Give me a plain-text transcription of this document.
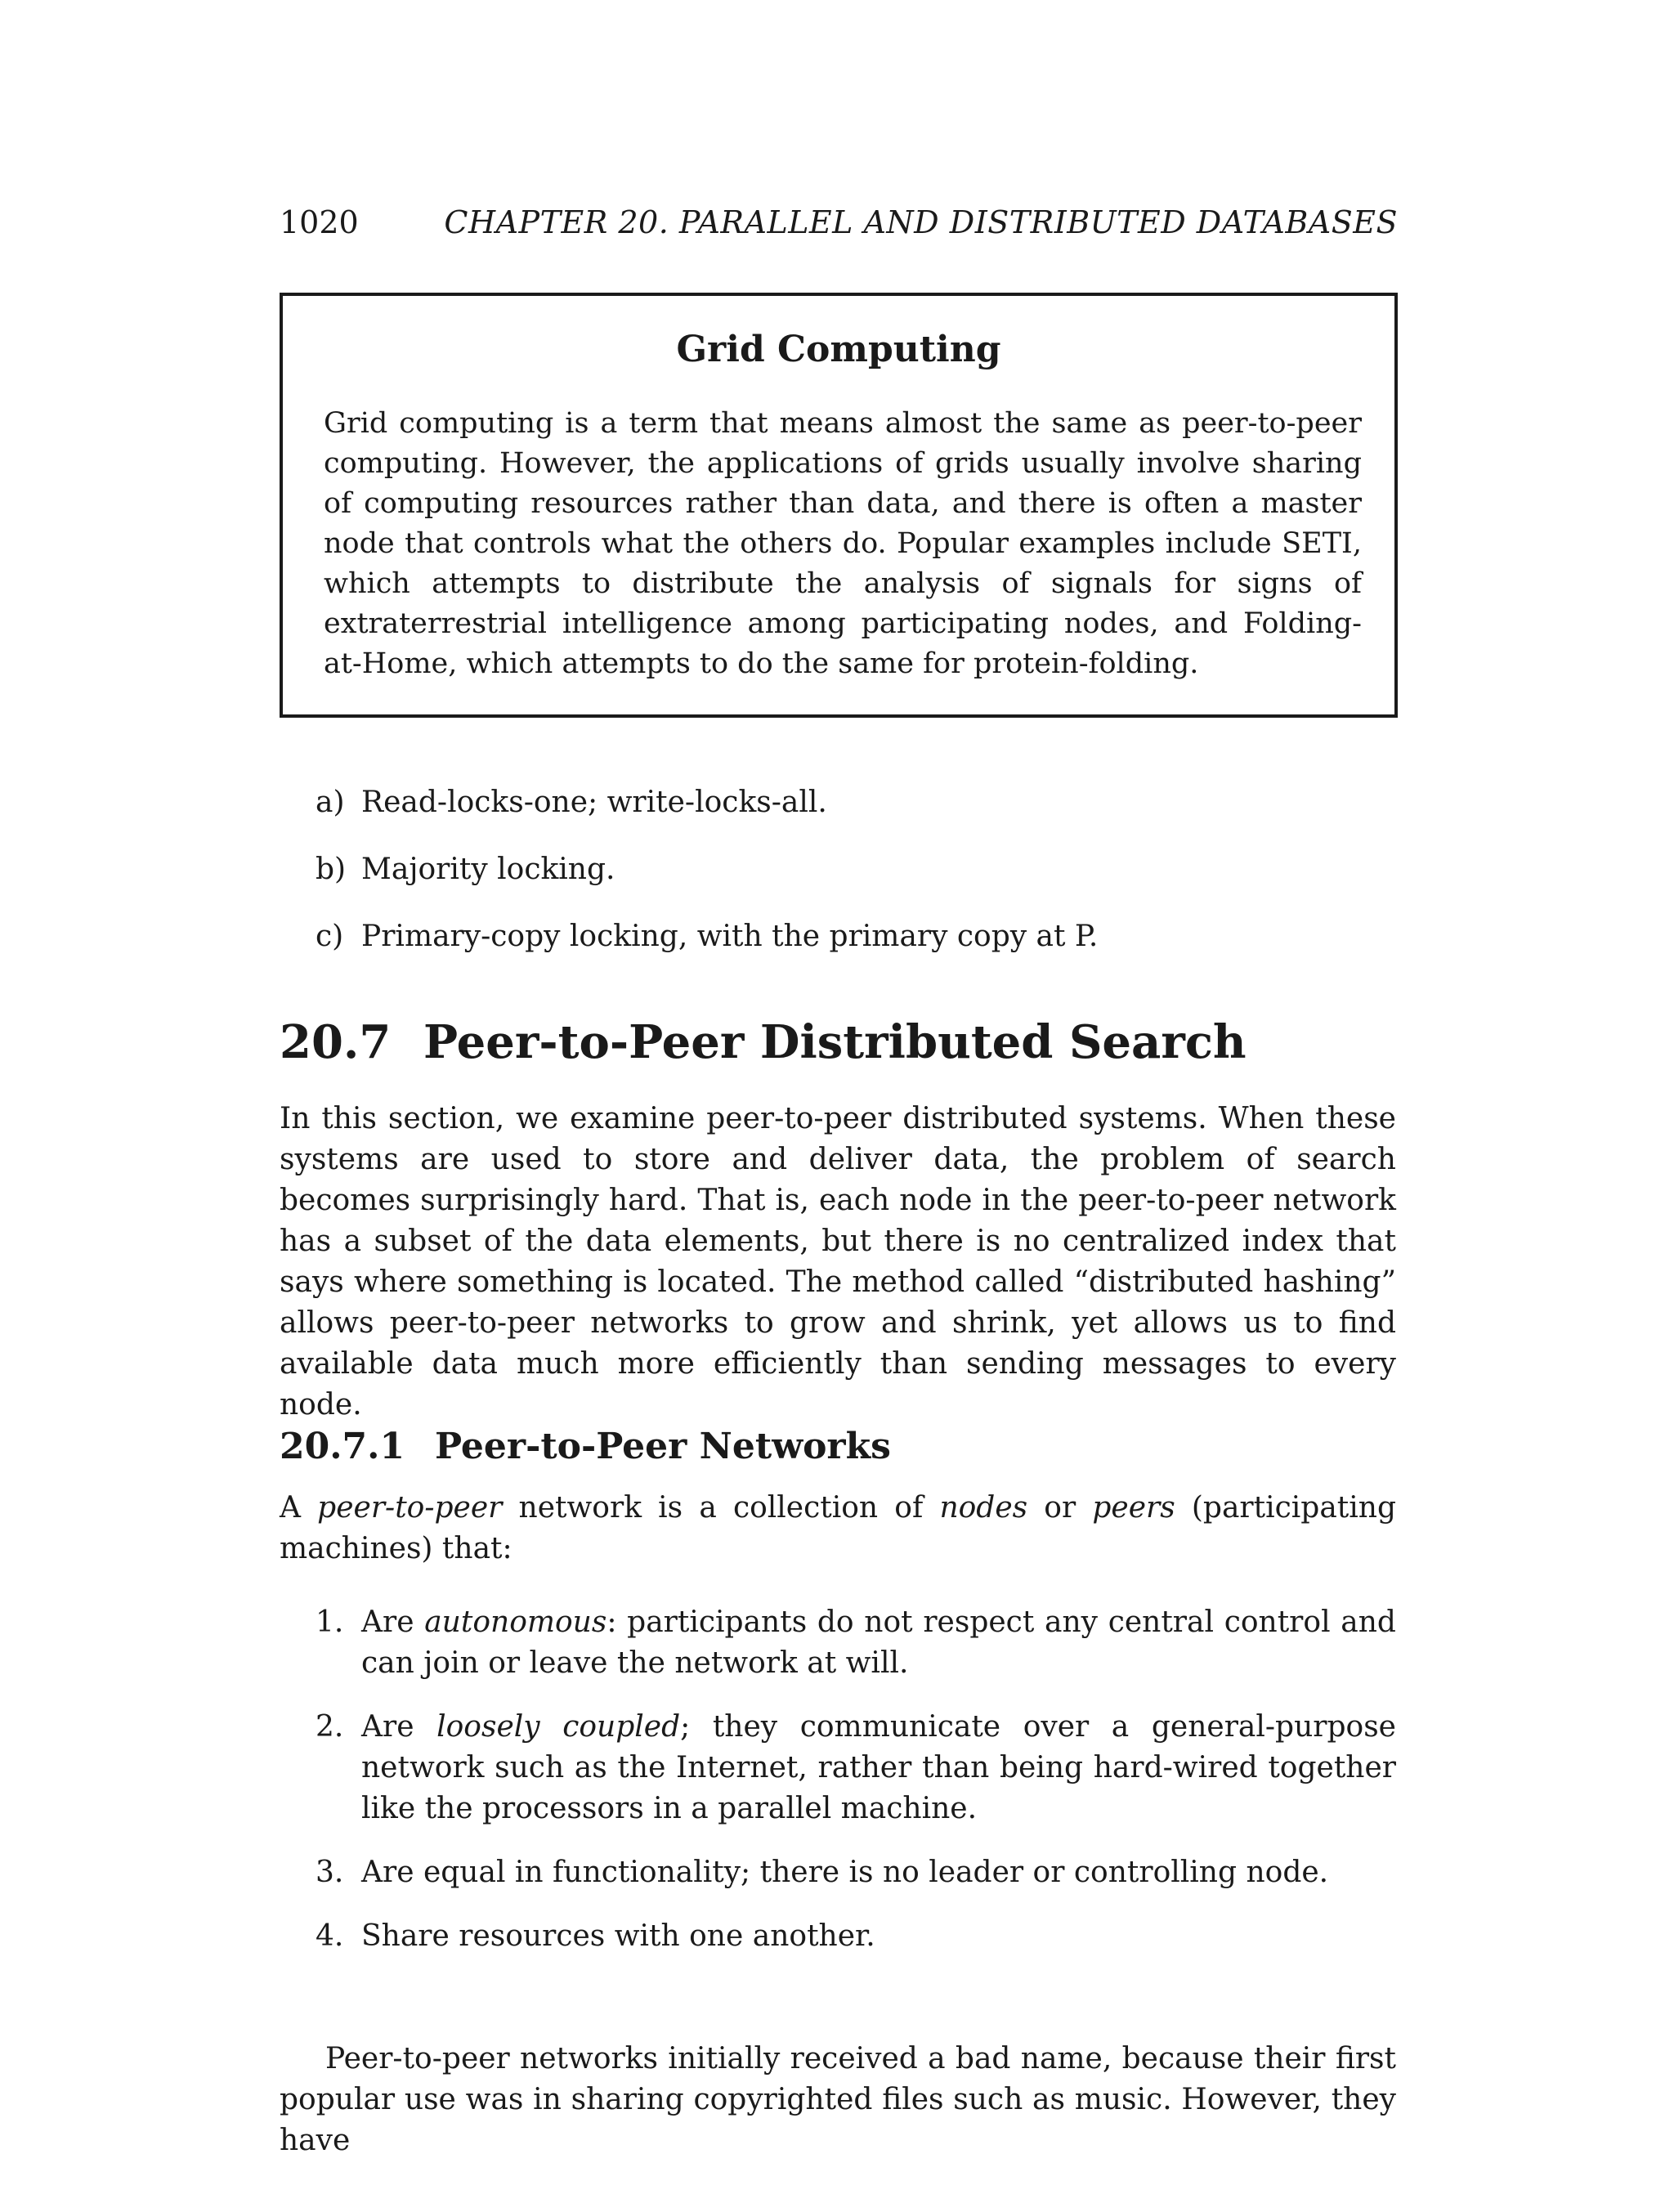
1020	CHAPTER 20. PARALLEL AND DISTRIBUTED DATABASES
Grid Computing
Grid computing is a term that means almost the same as peer-to-peer computing. However, the applications of grids usually involve sharing of computing resources rather than data, and there is often a master node that controls what the others do. Popular examples include SETI, which attempts to distribute the analysis of signals for signs of extraterrestrial intelligence among participating nodes, and Folding-at-Home, which attempts to do the same for protein-folding.
a) Read-locks-one; write-locks-all.
b) Majority locking.
c) Primary-copy locking, with the primary copy at P.
20.7 Peer-to-Peer Distributed Search
In this section, we examine peer-to-peer distributed systems. When these systems are used to store and deliver data, the problem of search becomes surprisingly hard. That is, each node in the peer-to-peer network has a subset of the data elements, but there is no centralized index that says where something is located. The method called “distributed hashing” allows peer-to-peer networks to grow and shrink, yet allows us to find available data much more efficiently than sending messages to every node.
20.7.1 Peer-to-Peer Networks
A peer-to-peer network is a collection of nodes or peers (participating machines) that:
1. Are autonomous: participants do not respect any central control and can join or leave the network at will.
2. Are loosely coupled; they communicate over a general-purpose network such as the Internet, rather than being hard-wired together like the processors in a parallel machine.
3. Are equal in functionality; there is no leader or controlling node.
4. Share resources with one another.
Peer-to-peer networks initially received a bad name, because their first popular use was in sharing copyrighted files such as music. However, they have
